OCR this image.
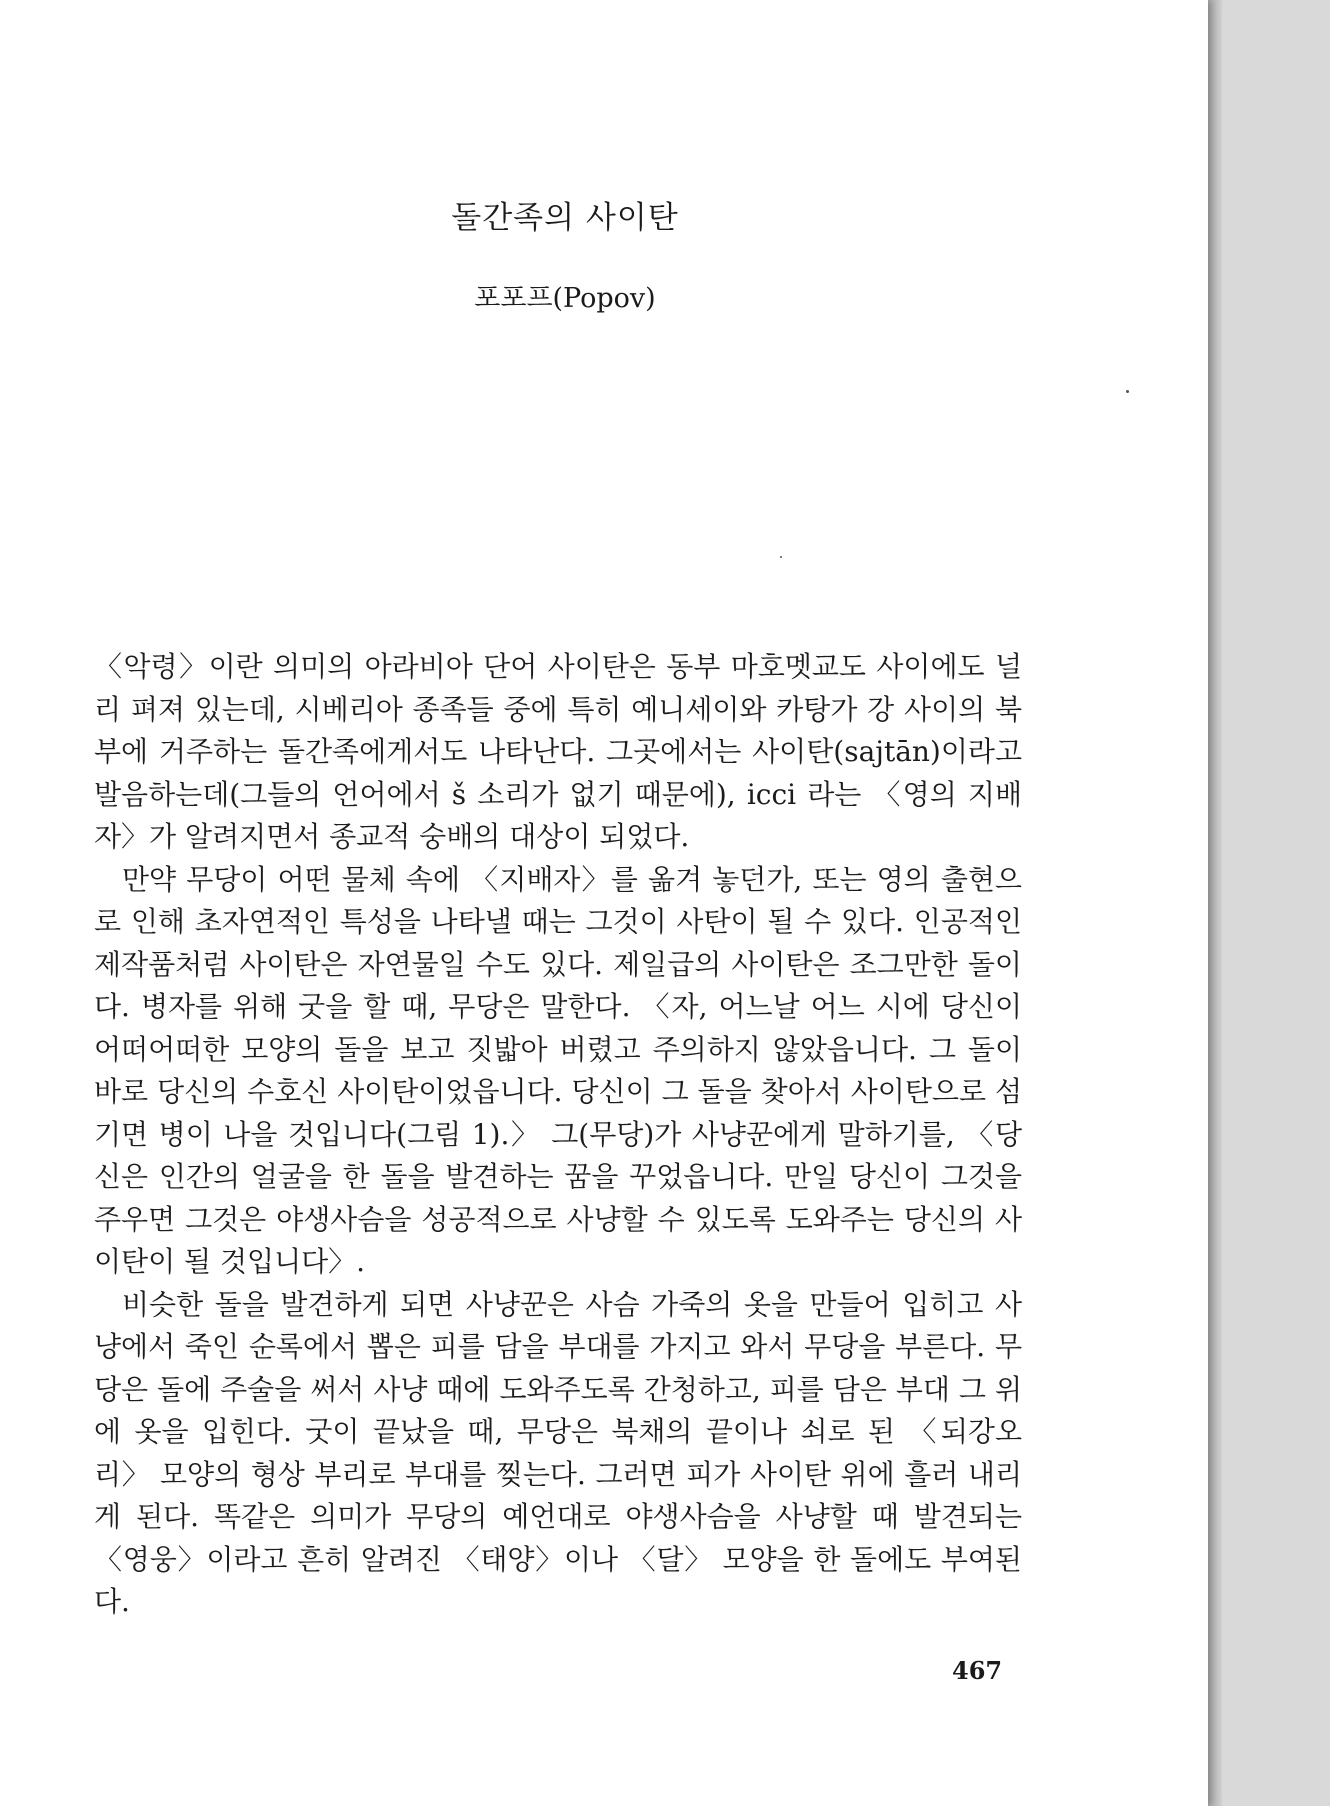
돌간족의 사이탄
포포프(Popov)

〈악령〉이란 의미의 아라비아 단어 사이탄은 동부 마호멧교도 사이에도 널리 펴져 있는데, 시베리아 종족들 중에 특히 예니세이와 카탕가 강 사이의 북부에 거주하는 돌간족에게서도 나타난다. 그곳에서는 사이탄(sajtān)이라고 발음하는데(그들의 언어에서 š 소리가 없기 때문에), icci 라는 〈영의 지배자〉가 알려지면서 종교적 숭배의 대상이 되었다.

만약 무당이 어떤 물체 속에 〈지배자〉를 옮겨 놓던가, 또는 영의 출현으로 인해 초자연적인 특성을 나타낼 때는 그것이 사탄이 될 수 있다. 인공적인 제작품처럼 사이탄은 자연물일 수도 있다. 제일급의 사이탄은 조그만한 돌이다. 병자를 위해 굿을 할 때, 무당은 말한다. 〈자, 어느날 어느 시에 당신이 어떠어떠한 모양의 돌을 보고 짓밟아 버렸고 주의하지 않았읍니다. 그 돌이 바로 당신의 수호신 사이탄이었읍니다. 당신이 그 돌을 찾아서 사이탄으로 섬기면 병이 나을 것입니다(그림 1).〉 그(무당)가 사냥꾼에게 말하기를, 〈당신은 인간의 얼굴을 한 돌을 발견하는 꿈을 꾸었읍니다. 만일 당신이 그것을 주우면 그것은 야생사슴을 성공적으로 사냥할 수 있도록 도와주는 당신의 사이탄이 될 것입니다〉.

비슷한 돌을 발견하게 되면 사냥꾼은 사슴 가죽의 옷을 만들어 입히고 사냥에서 죽인 순록에서 뽑은 피를 담을 부대를 가지고 와서 무당을 부른다. 무당은 돌에 주술을 써서 사냥 때에 도와주도록 간청하고, 피를 담은 부대 그 위에 옷을 입힌다. 굿이 끝났을 때, 무당은 북채의 끝이나 쇠로 된 〈되강오리〉 모양의 형상 부리로 부대를 찢는다. 그러면 피가 사이탄 위에 흘러 내리게 된다. 똑같은 의미가 무당의 예언대로 야생사슴을 사냥할 때 발견되는 〈영웅〉이라고 흔히 알려진 〈태양〉이나 〈달〉 모양을 한 돌에도 부여된다.

467
